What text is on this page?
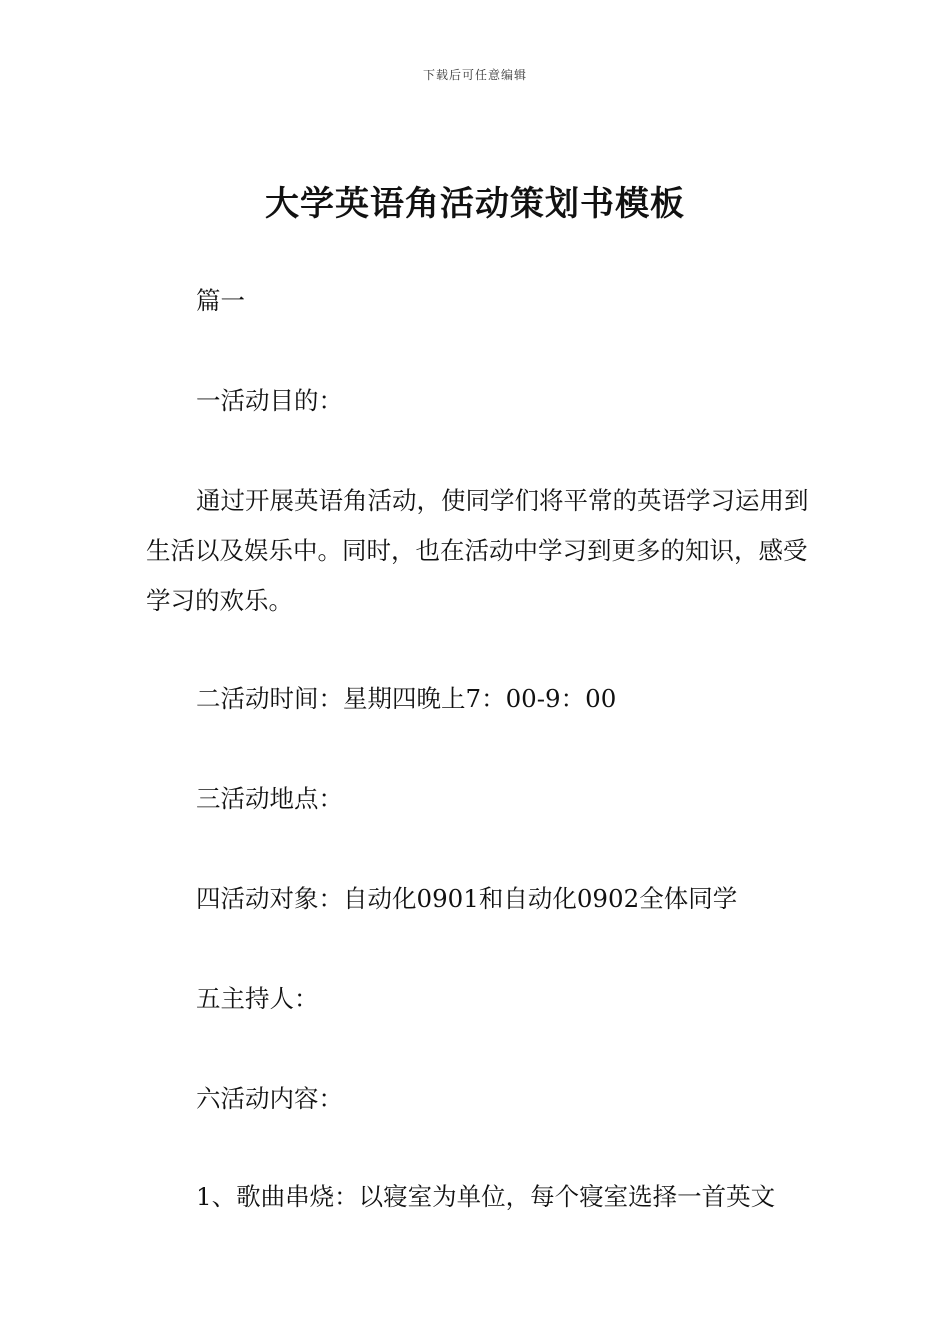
下载后可任意编辑
大学英语角活动策划书模板

篇一

一活动目的：

通过开展英语角活动，使同学们将平常的英语学习运用到生活以及娱乐中。同时，也在活动中学习到更多的知识，感受学习的欢乐。

二活动时间：星期四晚上7：00-9：00

三活动地点：

四活动对象：自动化0901和自动化0902全体同学

五主持人：

六活动内容：

1、歌曲串烧：以寝室为单位，每个寝室选择一首英文
